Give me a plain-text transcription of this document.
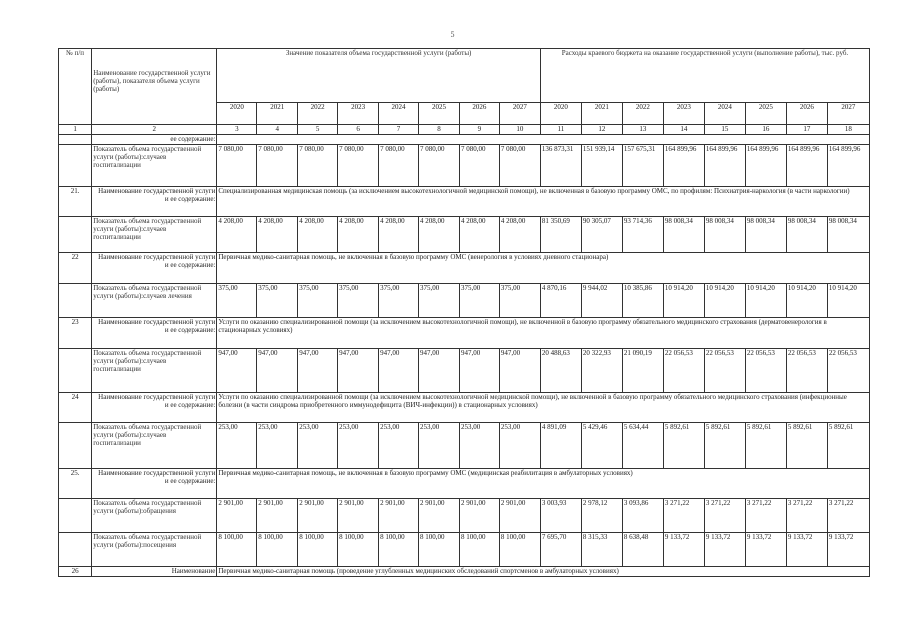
5
№ п/п	Наименование государственной услуги (работы), показателя объема услуги (работы)	Значение показателя объема государственной услуги (работы)								Расходы краевого бюджета на оказание государственной услуги (выполнение работы), тыс. руб.							
		2020	2021	2022	2023	2024	2025	2026	2027	2020	2021	2022	2023	2024	2025	2026	2027
1	2	3	4	5	6	7	8	9	10	11	12	13	14	15	16	17	18
	ее содержание:																
	Показатель объема государственной услуги (работы):случаев госпитализации	7 080,00	7 080,00	7 080,00	7 080,00	7 080,00	7 080,00	7 080,00	7 080,00	136 873,31	151 939,14	157 675,31	164 899,96	164 899,96	164 899,96	164 899,96	164 899,96
21.	Наименование государственной услуги и ее содержание:	Специализированная медицинская помощь (за исключением высокотехнологичной медицинской помощи), не включенная в базовую программу ОМС, по профилям: Психиатрия-наркология (в части наркологии)															
	Показатель объема государственной услуги (работы):случаев госпитализации	4 208,00	4 208,00	4 208,00	4 208,00	4 208,00	4 208,00	4 208,00	4 208,00	81 350,69	90 305,07	93 714,36	98 008,34	98 008,34	98 008,34	98 008,34	98 008,34
22	Наименование государственной услуги и ее содержание:	Первичная медико-санитарная помощь, не включенная в базовую программу ОМС (венерология в условиях дневного стационара)															
	Показатель объема государственной услуги (работы):случаев лечения	375,00	375,00	375,00	375,00	375,00	375,00	375,00	375,00	4 870,16	9 944,02	10 385,86	10 914,20	10 914,20	10 914,20	10 914,20	10 914,20
23	Наименование государственной услуги и ее содержание:	Услуги по оказанию специализированной помощи (за исключением высокотехнологичной помощи), не включенной в базовую программу обязательного медицинского страхования (дерматовенерология в стационарных условиях)															
	Показатель объема государственной услуги (работы):случаев госпитализации	947,00	947,00	947,00	947,00	947,00	947,00	947,00	947,00	20 488,63	20 322,93	21 090,19	22 056,53	22 056,53	22 056,53	22 056,53	22 056,53
24	Наименование государственной услуги и ее содержание:	Услуги по оказанию специализированной помощи (за исключением высокотехнологичной медицинской помощи), не включенной в базовую программу обязательного медицинского страхования (инфекционные болезни (в части синдрома приобретенного иммунодефицита (ВИЧ-инфекции)) в стационарных условиях)															
	Показатель объема государственной услуги (работы):случаев госпитализации	253,00	253,00	253,00	253,00	253,00	253,00	253,00	253,00	4 891,09	5 429,46	5 634,44	5 892,61	5 892,61	5 892,61	5 892,61	5 892,61
25.	Наименование государственной услуги и ее содержание:	Первичная медико-санитарная помощь, не включенная в базовую программу ОМС (медицинская реабилитация в амбулаторных условиях)															
	Показатель объема государственной услуги (работы):обращения	2 901,00	2 901,00	2 901,00	2 901,00	2 901,00	2 901,00	2 901,00	2 901,00	3 003,93	2 978,12	3 093,86	3 271,22	3 271,22	3 271,22	3 271,22	3 271,22
	Показатель объема государственной услуги (работы):посещения	8 100,00	8 100,00	8 100,00	8 100,00	8 100,00	8 100,00	8 100,00	8 100,00	7 695,70	8 315,33	8 638,48	9 133,72	9 133,72	9 133,72	9 133,72	9 133,72
26	Наименование	Первичная медико-санитарная помощь (проведение углубленных медицинских обследований спортсменов в амбулаторных условиях)															
